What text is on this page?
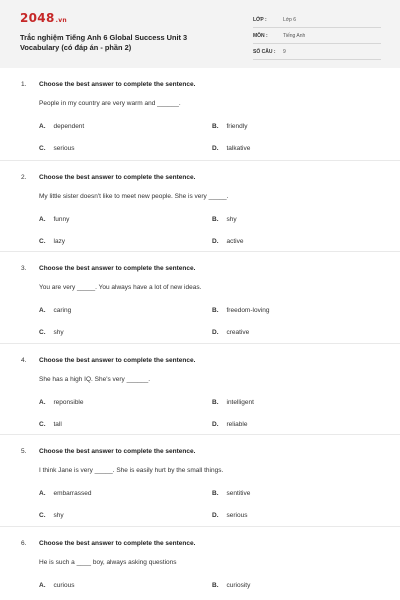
2048.vn
Trắc nghiệm Tiếng Anh 6 Global Success Unit 3
Vocabulary (có đáp án - phần 2)
LỚP :	Lớp 6
MÔN :	Tiếng Anh
SỐ CÂU : 9
1. Choose the best answer to complete the sentence.
People in my country are very warm and ______.
A. dependent	B. friendly
C. serious	D. talkative
2. Choose the best answer to complete the sentence.
My little sister doesn't like to meet new people. She is very _____.
A. funny	B. shy
C. lazy	D. active
3. Choose the best answer to complete the sentence.
You are very _____. You always have a lot of new ideas.
A. caring	B. freedom-loving
C. shy	D. creative
4. Choose the best answer to complete the sentence.
She has a high IQ. She's very ______.
A. reponsible	B. intelligent
C. tall	D. reliable
5. Choose the best answer to complete the sentence.
I think Jane is very _____. She is easily hurt by the small things.
A. embarrassed	B. sentitive
C. shy	D. serious
6. Choose the best answer to complete the sentence.
He is such a ____ boy, always asking questions
A. curious	B. curiosity
